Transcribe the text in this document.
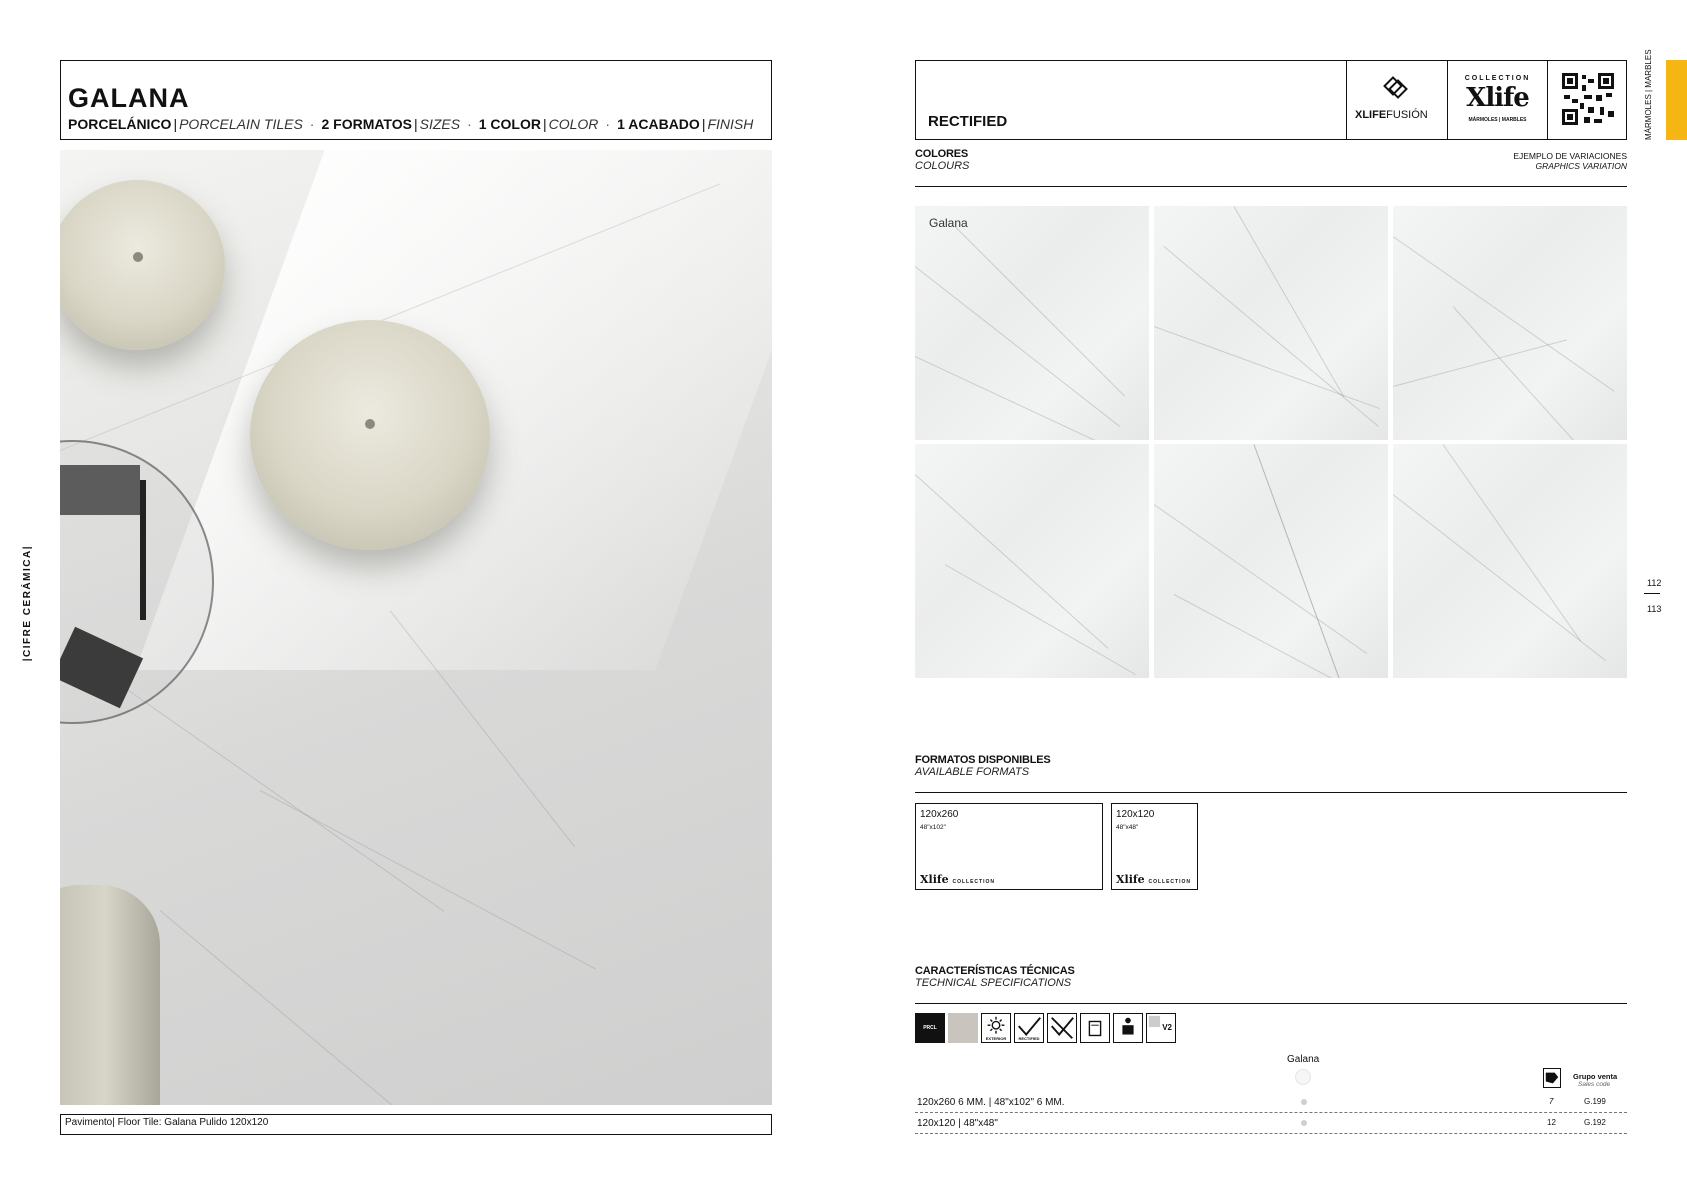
GALANA
PORCELÁNICO | PORCELAIN TILES · 2 FORMATOS | SIZES · 1 COLOR | COLOR · 1 ACABADO | FINISH
Pavimento| Floor Tile: Galana Pulido 120x120
|CIFRE CERÁMICA|
RECTIFIED	XLIFEFUSIÓN
COLLECTION
Xlife
MÁRMOLES | MARBLES	MÁRMOLES | MARBLES
112
113
COLORES
COLOURS
EJEMPLO DE VARIACIONES
GRAPHICS VARIATION
Galana
FORMATOS DISPONIBLES
AVAILABLE FORMATS
120x260
48"x102"
Xlife COLLECTION
120x120
48"x48"
Xlife COLLECTION
CARACTERÍSTICAS TÉCNICAS
TECHNICAL SPECIFICATIONS
PRCL
EXTERIOR	RECTIFIED
V2
Galana
Grupo venta
Sales code
120x260 6 MM. | 48"x102" 6 MM.	7	G.199
120x120 | 48"x48"	12	G.192
